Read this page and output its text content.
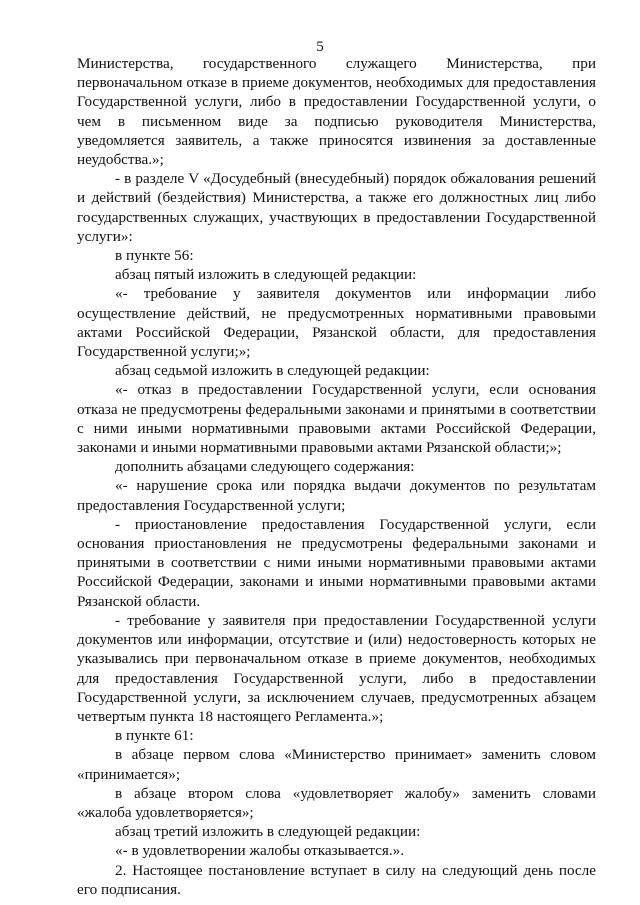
5

Министерства, государственного служащего Министерства, при первоначальном отказе в приеме документов, необходимых для предоставления Государственной услуги, либо в предоставлении Государственной услуги, о чем в письменном виде за подписью руководителя Министерства, уведомляется заявитель, а также приносятся извинения за доставленные неудобства.»;

- в разделе V «Досудебный (внесудебный) порядок обжалования решений и действий (бездействия) Министерства, а также его должностных лиц либо государственных служащих, участвующих в предоставлении Государственной услуги»:

в пункте 56:

абзац пятый изложить в следующей редакции:

«- требование у заявителя документов или информации либо осуществление действий, не предусмотренных нормативными правовыми актами Российской Федерации, Рязанской области, для предоставления Государственной услуги;»;

абзац седьмой изложить в следующей редакции:

«- отказ в предоставлении Государственной услуги, если основания отказа не предусмотрены федеральными законами и принятыми в соответствии с ними иными нормативными правовыми актами Российской Федерации, законами и иными нормативными правовыми актами Рязанской области;»;

дополнить абзацами следующего содержания:

«- нарушение срока или порядка выдачи документов по результатам предоставления Государственной услуги;

- приостановление предоставления Государственной услуги, если основания приостановления не предусмотрены федеральными законами и принятыми в соответствии с ними иными нормативными правовыми актами Российской Федерации, законами и иными нормативными правовыми актами Рязанской области.

- требование у заявителя при предоставлении Государственной услуги документов или информации, отсутствие и (или) недостоверность которых не указывались при первоначальном отказе в приеме документов, необходимых для предоставления Государственной услуги, либо в предоставлении Государственной услуги, за исключением случаев, предусмотренных абзацем четвертым пункта 18 настоящего Регламента.»;

в пункте 61:

в абзаце первом слова «Министерство принимает» заменить словом «принимается»;

в абзаце втором слова «удовлетворяет жалобу» заменить словами «жалоба удовлетворяется»;

абзац третий изложить в следующей редакции:

«- в удовлетворении жалобы отказывается.».

2. Настоящее постановление вступает в силу на следующий день после его подписания.
